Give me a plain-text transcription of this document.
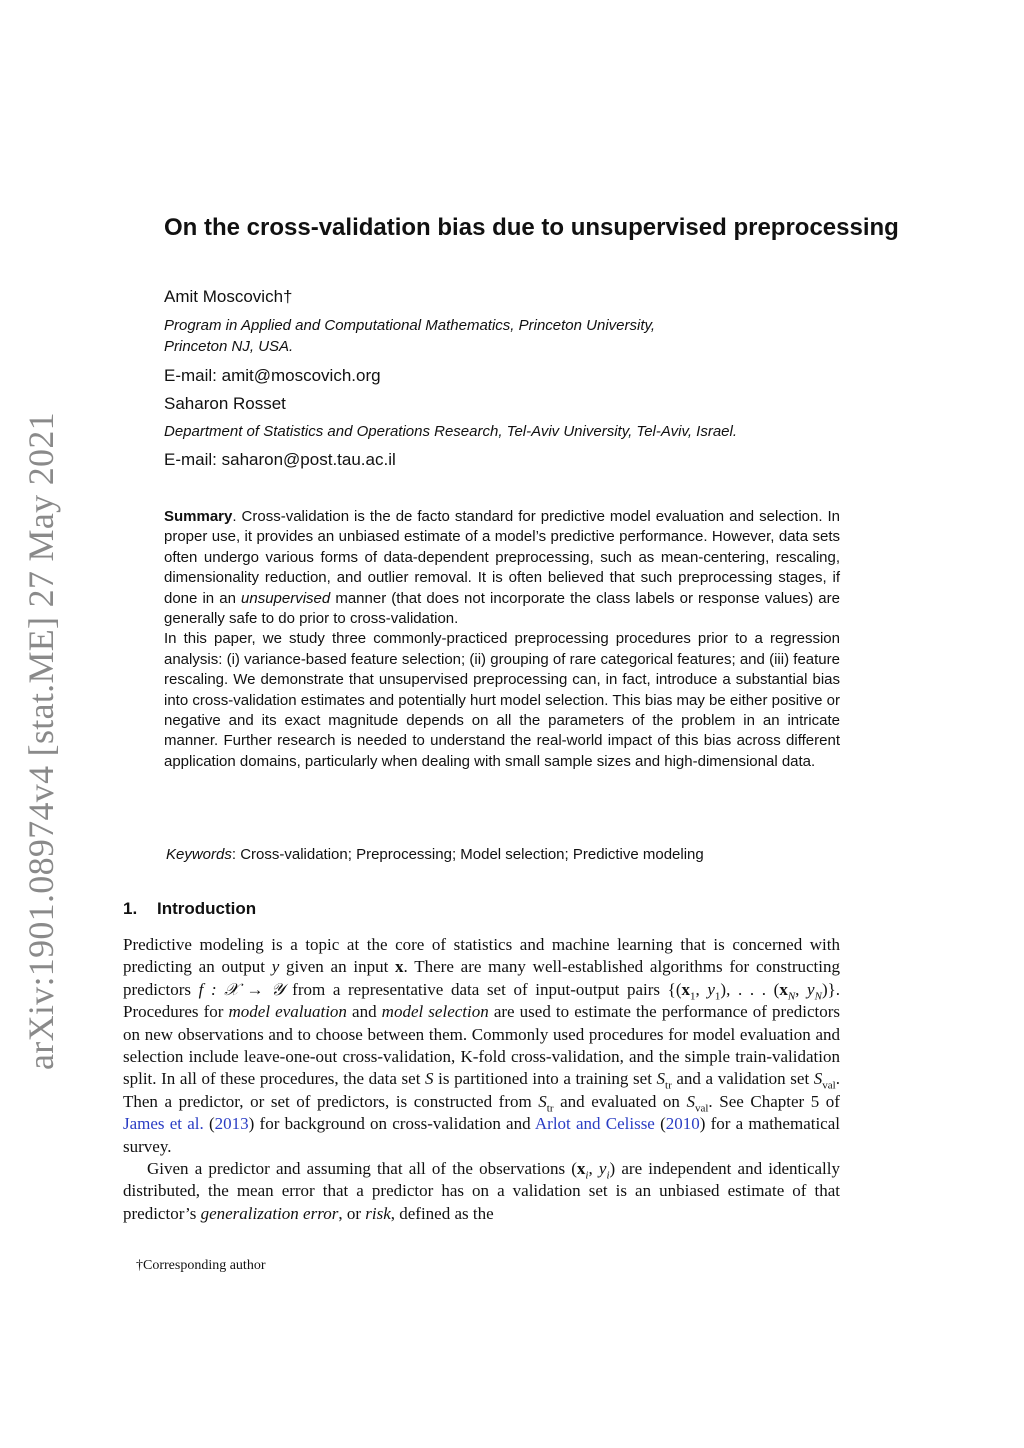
arXiv:1901.08974v4 [stat.ME] 27 May 2021
On the cross-validation bias due to unsupervised preprocessing
Amit Moscovich†
Program in Applied and Computational Mathematics, Princeton University,
Princeton NJ, USA.
E-mail: amit@moscovich.org
Saharon Rosset
Department of Statistics and Operations Research, Tel-Aviv University, Tel-Aviv, Israel.
E-mail: saharon@post.tau.ac.il

Summary. Cross-validation is the de facto standard for predictive model evaluation and selection. In proper use, it provides an unbiased estimate of a model’s predictive performance. However, data sets often undergo various forms of data-dependent preprocessing, such as mean-centering, rescaling, dimensionality reduction, and outlier removal. It is often believed that such preprocessing stages, if done in an unsupervised manner (that does not incorporate the class labels or response values) are generally safe to do prior to cross-validation.

In this paper, we study three commonly-practiced preprocessing procedures prior to a regression analysis: (i) variance-based feature selection; (ii) grouping of rare categorical features; and (iii) feature rescaling. We demonstrate that unsupervised preprocessing can, in fact, introduce a substantial bias into cross-validation estimates and potentially hurt model selection. This bias may be either positive or negative and its exact magnitude depends on all the parameters of the problem in an intricate manner. Further research is needed to understand the real-world impact of this bias across different application domains, particularly when dealing with small sample sizes and high-dimensional data.

Keywords: Cross-validation; Preprocessing; Model selection; Predictive modeling
1. Introduction

Predictive modeling is a topic at the core of statistics and machine learning that is concerned with predicting an output y given an input x. There are many well-established algorithms for constructing predictors f : 𝒳 → 𝒴 from a representative data set of input-output pairs {($x_1$, $y_1$), . . . ($x_N$, $y_N$)}. Procedures for model evaluation and model selection are used to estimate the performance of predictors on new observations and to choose between them. Commonly used procedures for model evaluation and selection include leave-one-out cross-validation, K-fold cross-validation, and the simple train-validation split. In all of these procedures, the data set S is partitioned into a training set $S_{tr}$ and a validation set $S_{val}$. Then a predictor, or set of predictors, is constructed from $S_{tr}$ and evaluated on $S_{val}$. See Chapter 5 of James et al. (2013) for background on cross-validation and Arlot and Celisse (2010) for a mathematical survey.

Given a predictor and assuming that all of the observations ($x_i$, $y_i$) are independent and identically distributed, the mean error that a predictor has on a validation set is an unbiased estimate of that predictor’s generalization error, or risk, defined as the

†Corresponding author
